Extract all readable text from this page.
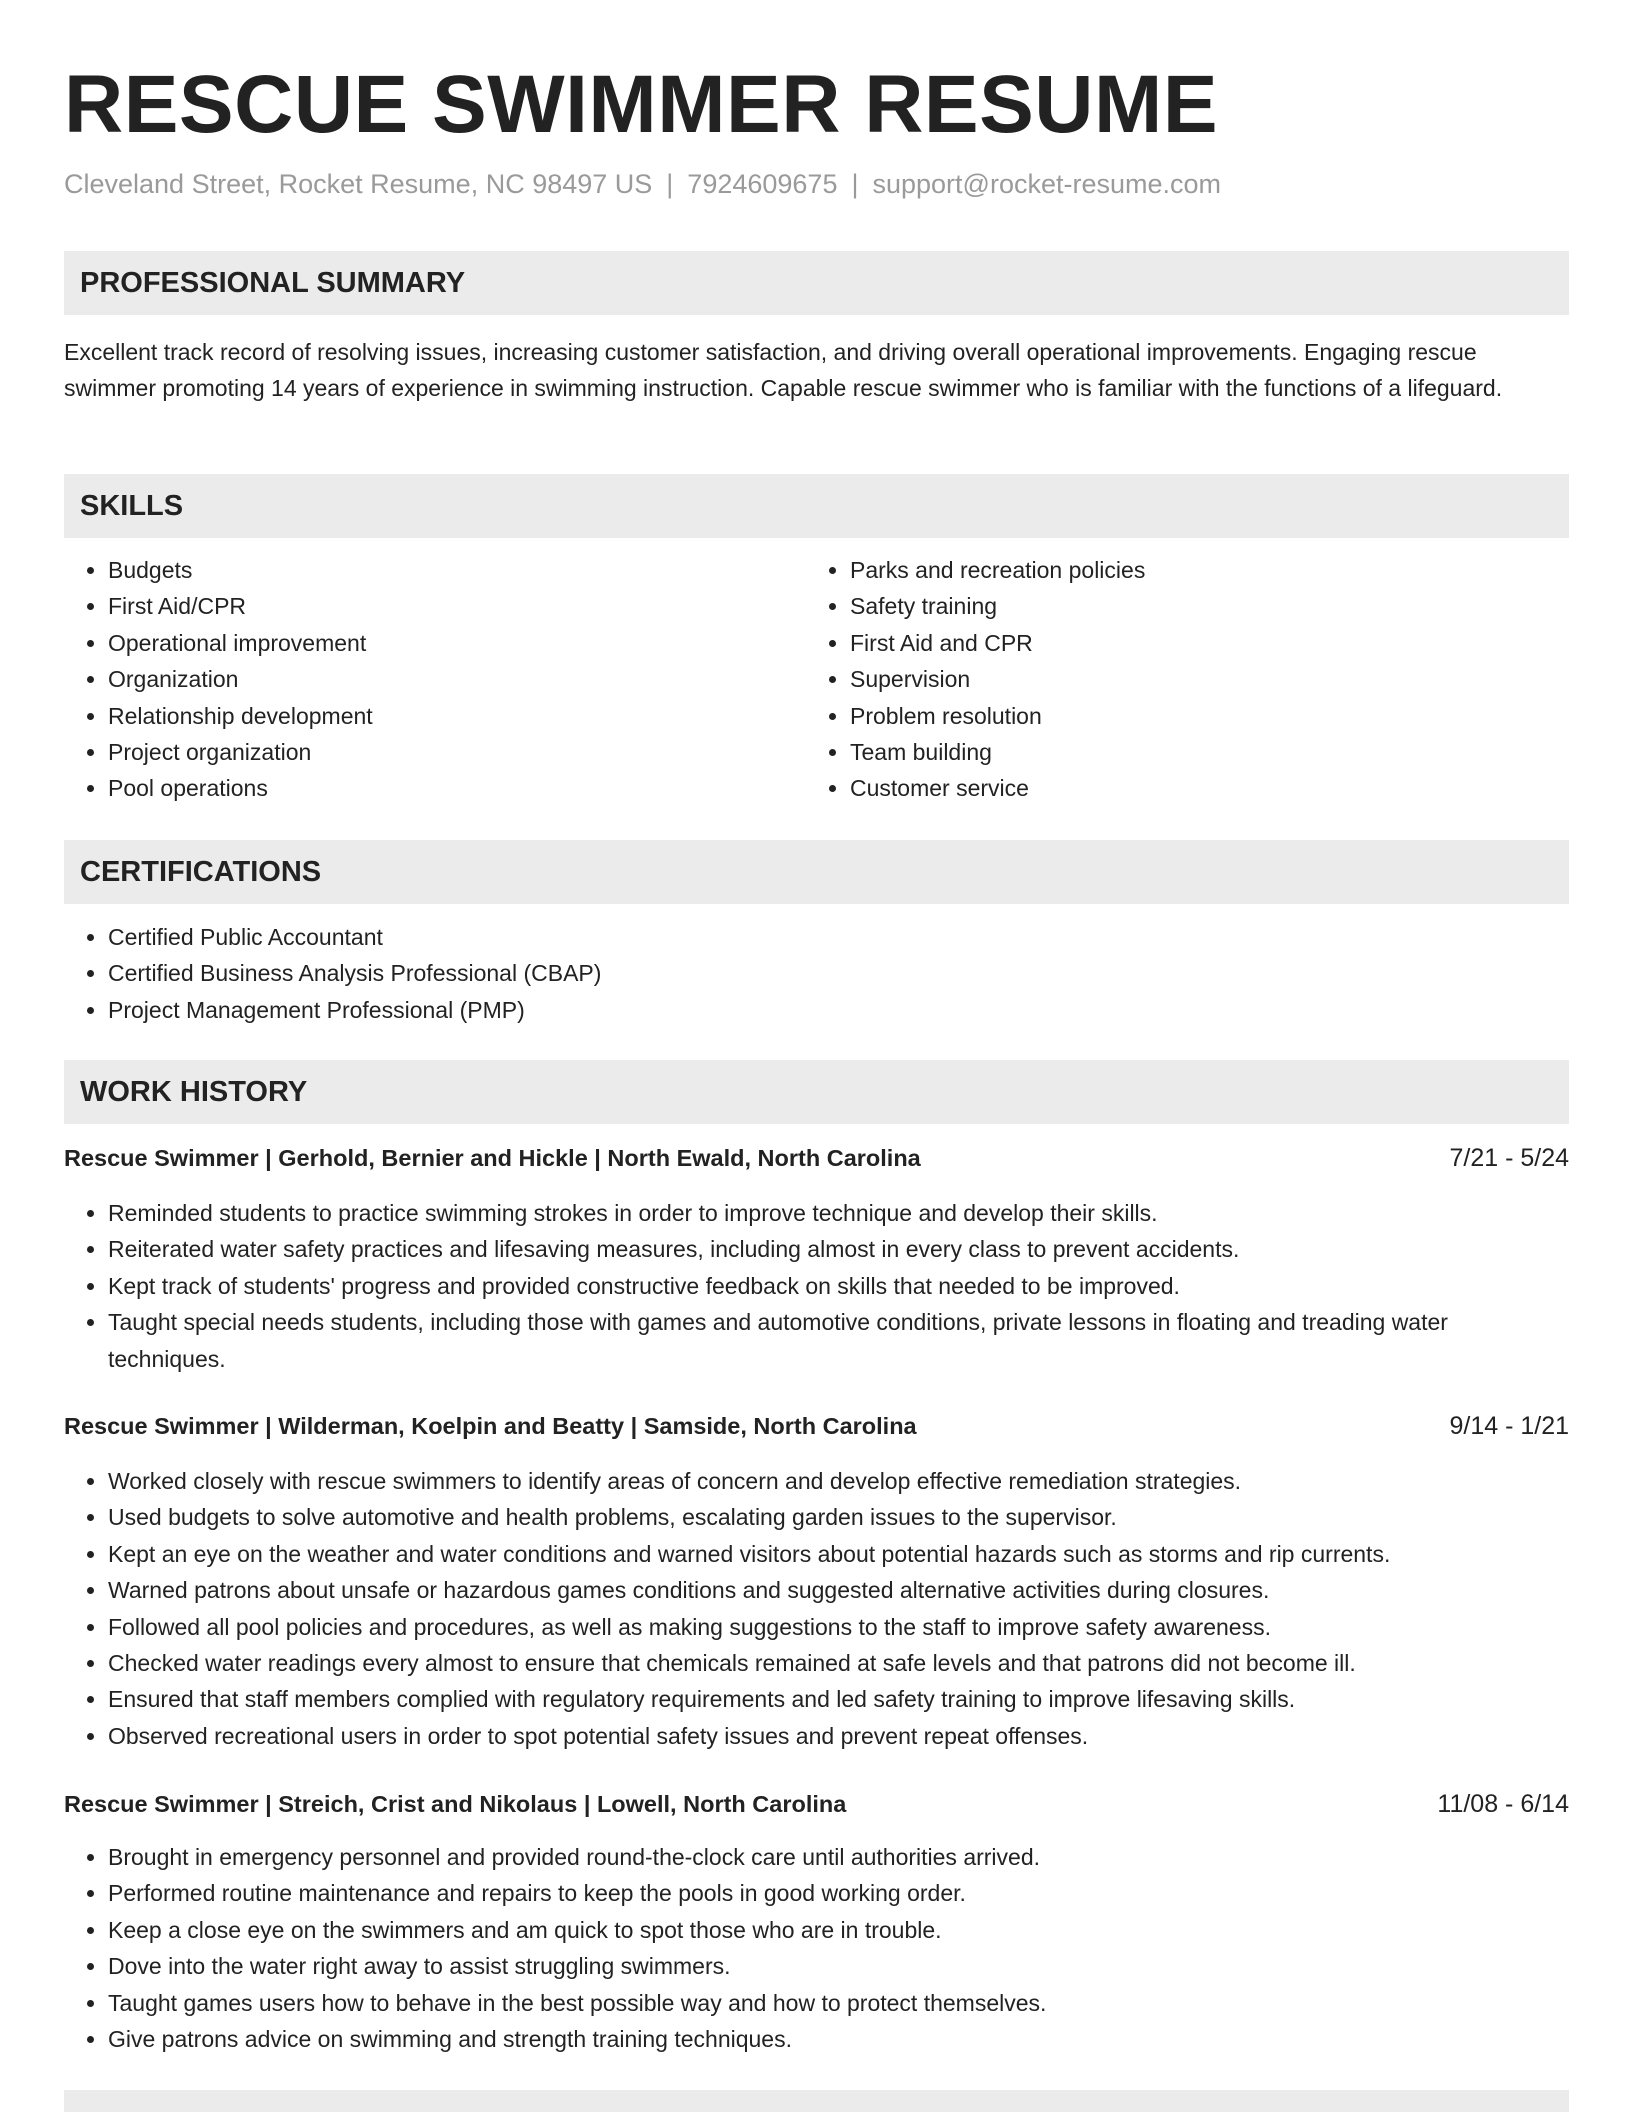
RESCUE SWIMMER RESUME
Cleveland Street, Rocket Resume, NC 98497 US | 7924609675 | support@rocket-resume.com
PROFESSIONAL SUMMARY

Excellent track record of resolving issues, increasing customer satisfaction, and driving overall operational improvements. Engaging rescue swimmer promoting 14 years of experience in swimming instruction. Capable rescue swimmer who is familiar with the functions of a lifeguard.

SKILLS
• Budgets
• First Aid/CPR
• Operational improvement
• Organization
• Relationship development
• Project organization
• Pool operations
• Parks and recreation policies
• Safety training
• First Aid and CPR
• Supervision
• Problem resolution
• Team building
• Customer service
CERTIFICATIONS
• Certified Public Accountant
• Certified Business Analysis Professional (CBAP)
• Project Management Professional (PMP)
WORK HISTORY
Rescue Swimmer | Gerhold, Bernier and Hickle | North Ewald, North Carolina	7/21 - 5/24
• Reminded students to practice swimming strokes in order to improve technique and develop their skills.
• Reiterated water safety practices and lifesaving measures, including almost in every class to prevent accidents.
• Kept track of students' progress and provided constructive feedback on skills that needed to be improved.
• Taught special needs students, including those with games and automotive conditions, private lessons in floating and treading water techniques.
Rescue Swimmer | Wilderman, Koelpin and Beatty | Samside, North Carolina	9/14 - 1/21
• Worked closely with rescue swimmers to identify areas of concern and develop effective remediation strategies.
• Used budgets to solve automotive and health problems, escalating garden issues to the supervisor.
• Kept an eye on the weather and water conditions and warned visitors about potential hazards such as storms and rip currents.
• Warned patrons about unsafe or hazardous games conditions and suggested alternative activities during closures.
• Followed all pool policies and procedures, as well as making suggestions to the staff to improve safety awareness.
• Checked water readings every almost to ensure that chemicals remained at safe levels and that patrons did not become ill.
• Ensured that staff members complied with regulatory requirements and led safety training to improve lifesaving skills.
• Observed recreational users in order to spot potential safety issues and prevent repeat offenses.
Rescue Swimmer | Streich, Crist and Nikolaus | Lowell, North Carolina	11/08 - 6/14
• Brought in emergency personnel and provided round-the-clock care until authorities arrived.
• Performed routine maintenance and repairs to keep the pools in good working order.
• Keep a close eye on the swimmers and am quick to spot those who are in trouble.
• Dove into the water right away to assist struggling swimmers.
• Taught games users how to behave in the best possible way and how to protect themselves.
• Give patrons advice on swimming and strength training techniques.
